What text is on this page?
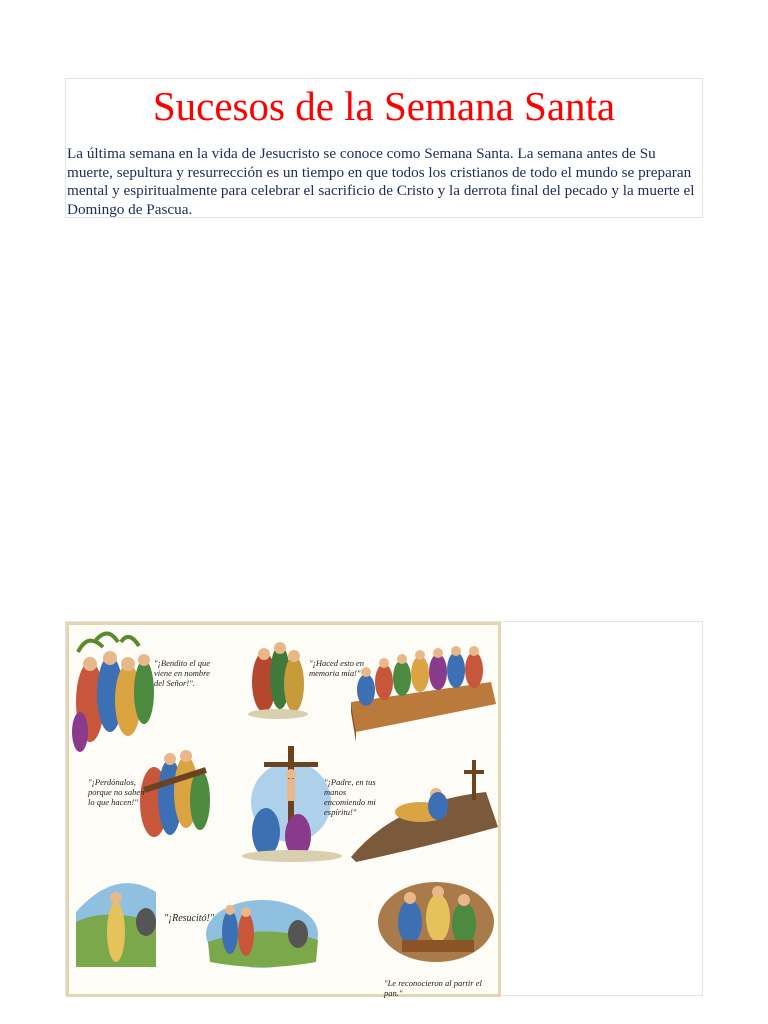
Sucesos de la Semana Santa

La última semana en la vida de Jesucristo se conoce como Semana Santa. La semana antes de Su muerte, sepultura y resurrección es un tiempo en que todos los cristianos de todo el mundo se preparan mental y espiritualmente para celebrar el sacrificio de Cristo y la derrota final del pecado y la muerte el Domingo de Pascua.

"¡Bendito el que
viene en nombre
del Señor!".
"¡Haced esto en
memoria mía!"
"¡Perdónalos,
porque no saben
lo que hacen!"
"¡Padre, en tus
manos
encomiendo mi
espíritu!"
"¡Resucitó!"
"Le reconocieron al partir el pan."
